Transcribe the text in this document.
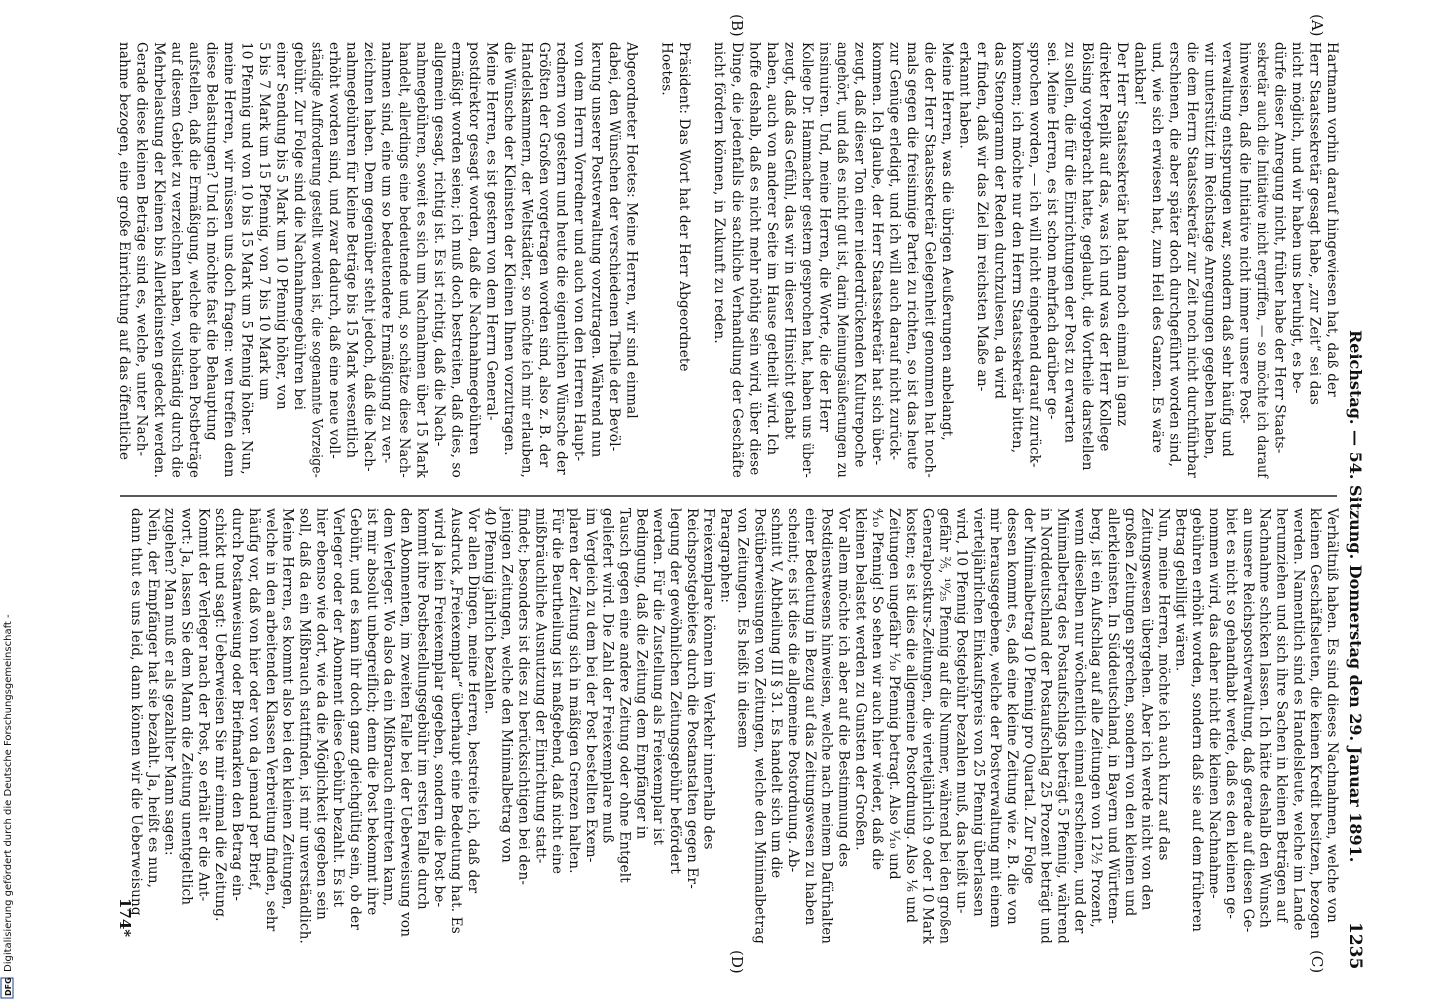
Reichstag. — 54. Sitzung. Donnerstag den 29. Januar 1891.
1235
(A)
(B)
(C)
(D)
Hartmann vorhin darauf hingewiesen hat, daß der
Herr Staatssekretär gesagt habe, „zur Zeit“ sei das
nicht möglich, und wir haben uns beruhigt, es be-
dürfe dieser Anregung nicht, früher habe der Herr Staats-
sekretär auch die Initiative nicht ergriffen, — so möchte ich darauf
hinweisen, daß die Initiative nicht immer unsere Post-
verwaltung entsprungen war, sondern daß sehr häufig und
wir unterstützt im Reichstage Anregungen gegeben haben,
die dem Herrn Staatssekretär zur Zeit noch nicht durchführbar
erschienen, die aber später doch durchgeführt worden sind,
und, wie sich erwiesen hat, zum Heil des Ganzen. Es wäre
dankbar!
Der Herr Staatssekretär hat dann noch einmal in ganz
direkter Replik auf das, was ich und was der Herr Kollege
Bölsing vorgebracht hatte, geglaubt, die Vortheile darstellen
zu sollen, die für die Einrichtungen der Post zu erwarten
sei. Meine Herren, es ist schon mehrfach darüber ge-
sprochen worden, — ich will nicht eingehend darauf zurück-
kommen; ich möchte nur den Herrn Staatssekretär bitten,
das Stenogramm der Reden durchzulesen, da wird
er finden, daß wir das Ziel im reichsten Maße an-
erkannt haben.
Meine Herren, was die übrigen Aeußerungen anbelangt,
die der Herr Staatssekretär Gelegenheit genommen hat noch-
mals gegen die freisinnige Partei zu richten, so ist das heute
zur Genüge erledigt, und ich will auch darauf nicht zurück-
kommen. Ich glaube, der Herr Staatssekretär hat sich über-
zeugt, daß dieser Ton einer niederdrückenden Kulturepoche
angehört, und daß es nicht gut ist, darin Meinungsäußerungen zu
insinuiren. Und, meine Herren, die Worte, die der Herr
Kollege Dr. Hammacher gestern gesprochen hat, haben uns über-
zeugt, daß das Gefühl, das wir in dieser Hinsicht gehabt
haben, auch von anderer Seite im Hause getheilt wird. Ich
hoffe deshalb, daß es nicht mehr nöthig sein wird, über diese
Dinge, die jedenfalls die sachliche Verhandlung der Geschäfte
nicht fördern können, in Zukunft zu reden.
Präsident: Das Wort hat der Herr Abgeordnete
Hoetes.
Abgeordneter Hoetes: Meine Herren, wir sind einmal
dabei, den Wünschen der verschiedenen Theile der Bevöl-
kerung unserer Postverwaltung vorzutragen. Während nun
von dem Herrn Vorredner und auch von den Herren Haupt-
rednern von gestern und heute die eigentlichen Wünsche der
Größten der Großen vorgetragen worden sind, also z. B. der
Handelskammern, der Weltstädter, so möchte ich mir erlauben,
die Wünsche der Kleinsten der Kleinen Ihnen vorzutragen.
Meine Herren, es ist gestern von dem Herrn General-
postdirektor gesagt worden, daß die Nachnahmegebühren
ermäßigt worden seien; ich muß doch bestreiten, daß dies, so
allgemein gesagt, richtig ist. Es ist richtig, daß die Nach-
nahmegebühren, soweit es sich um Nachnahmen über 15 Mark
handelt, allerdings eine bedeutende und, so schätze diese Nach-
nahmen sind, eine um so bedeutendere Ermäßigung zu ver-
zeichnen haben. Dem gegenüber steht jedoch, daß die Nach-
nahmegebühren für kleine Beträge bis 15 Mark wesentlich
erhöht worden sind, und zwar dadurch, daß eine neue voll-
ständige Aufforderung gestellt worden ist, die sogenannte Vorzeige-
gebühr. Zur Folge sind die Nachnahmegebühren bei
einer Sendung bis 5 Mark um 10 Pfennig höher, von
5 bis 7 Mark um 15 Pfennig, von 7 bis 10 Mark um
10 Pfennig und von 10 bis 15 Mark um 5 Pfennig höher. Nun,
meine Herren, wir müssen uns doch fragen: wen treffen denn
diese Belastungen? Und ich möchte fast die Behauptung
aufstellen, daß die Ermäßigung, welche die hohen Postbeträge
auf diesem Gebiet zu verzeichnen haben, vollständig durch die
Mehrbelastung der Kleinen bis Allerkleinsten gedeckt werden.
Gerade diese kleinen Beträge sind es, welche, unter Nach-
nahme bezogen, eine große Einrichtung auf das öffentliche
Verhältniß haben. Es sind dieses Nachnahmen, welche von
kleinen Geschäftsleuten, die keinen Kredit besitzen, bezogen
werden. Namentlich sind es Handelsleute, welche im Lande
herumziehen und sich ihre Sachen in kleinen Beträgen auf
Nachnahme schicken lassen. Ich hätte deshalb den Wunsch
an unsere Reichspostverwaltung, daß gerade auf diesen Ge-
biet es nicht so gehandhabt werde, daß es den kleinen ge-
nommen wird, das daher nicht die kleinen Nachnahme-
gebühren erhöht worden, sondern daß sie auf dem früheren
Betrag gebilligt wären.
Nun, meine Herren, möchte ich auch kurz auf das
Zeitungswesen übergehen. Aber ich werde nicht von den
großen Zeitungen sprechen, sondern von den kleinen und
allerkleinsten. In Süddeutschland, in Bayern und Württem-
berg, ist ein Aufschlag auf alle Zeitungen von 12½ Prozent,
wenn dieselben nur wöchentlich einmal erscheinen, und der
Minimalbetrag des Postaufschlags beträgt 5 Pfennig, während
in Norddeutschland der Postaufschlag 25 Prozent beträgt und
der Minimalbetrag 10 Pfennig pro Quartal. Zur Folge
dessen kommt es, daß eine kleine Zeitung wie z. B. die von
mir herausgegebene, welche der Postverwaltung mit einem
vierteljährlichen Einkaufspreis von 25 Pfennig überlassen
wird, 10 Pfennig Postgebühr bezahlen muß, das heißt un-
gefähr ⅖, ¹⁰⁄₂₅ Pfennig auf die Nummer, während bei den großen
Generalpostkurs-Zeitungen, die vierteljährlich 9 oder 10 Mark
kosten; es ist dies die allgemeine Postordnung. Also ⅙ und
Zeitungen ungefähr ⅒ Pfennig betragt. Also ¹⁄₁₀ und
⁴⁄₁₀ Pfennig! So sehen wir auch hier wieder, daß die
kleinen belastet werden zu Gunsten der Großen.
Vor allem möchte ich aber auf die Bestimmung des
Postdienstwesens hinweisen, welche nach meinem Dafürhalten
einer Bedeutung in Bezug auf das Zeitungswesen zu haben
scheint; es ist dies die allgemeine Postordnung. Ab-
schnitt V, Abtheilung III § 31. Es handelt sich um die
Postüberweisungen von Zeitungen, welche den Minimalbetrag
von Zeitungen. Es heißt in diesem
Paragraphen:
Freiexemplare können im Verkehr innerhalb des
Reichspostgebietes durch die Postanstalten gegen Er-
legung der gewöhnlichen Zeitungsgebühr befördert
werden. Für die Zustellung als Freiexemplar ist
Bedingung, daß die Zeitung dem Empfänger in
Tausch gegen eine andere Zeitung oder ohne Entgelt
geliefert wird. Die Zahl der Freiexemplare muß
im Vergleich zu dem bei der Post bestellten Exem-
plaren der Zeitung sich in mäßigen Grenzen halten.
Für die Beurtheilung ist maßgebend, daß nicht eine
mißbräuchliche Ausnutzung der Einrichtung statt-
findet; besonders ist dies zu berücksichtigen bei den-
jenigen Zeitungen, welche den Minimalbetrag von
40 Pfennig jährlich bezahlen.
Vor allen Dingen, meine Herren, bestreite ich, daß der
Ausdruck „Freiexemplar“ überhaupt eine Bedeutung hat. Es
wird ja kein Freiexemplar gegeben, sondern die Post be-
kommt ihre Postbestellungsgebühr im ersten Falle durch
den Abonnenten, im zweiten Falle bei der Ueberweisung von
dem Verleger. Wo also da ein Mißbrauch eintreten kann,
ist mir absolut unbegreiflich; denn die Post bekommt ihre
Gebühr, und es kann ihr doch ganz gleichgültig sein, ob der
Verleger oder der Abonnent diese Gebühr bezahlt. Es ist
hier ebenso wie dort, wie da die Möglichkeit gegeben sein
soll, daß da ein Mißbrauch stattfinden, ist mir unverständlich.
Meine Herren, es kommt also bei den kleinen Zeitungen,
welche in den arbeitenden Klassen Verbreitung finden, sehr
häufig vor, daß von hier oder von da jemand per Brief,
durch Postanweisung oder Briefmarken den Betrag ein-
schickt und sagt: Ueberweisen Sie mir einmal die Zeitung.
Kommt der Verleger nach der Post, so erhält er die Ant-
wort: Ja, lassen Sie dem Mann die Zeitung unentgeltlich
zugehen? Man muß er als gezahlter Mann sagen:
Nein, der Empfänger hat sie bezahlt. Ja, heißt es nun,
dann thut es uns leid, dann können wir die Ueberweisung
174*
DFG
Digitalisierung gefördert durch die Deutsche Forschungsgemeinschaft -
